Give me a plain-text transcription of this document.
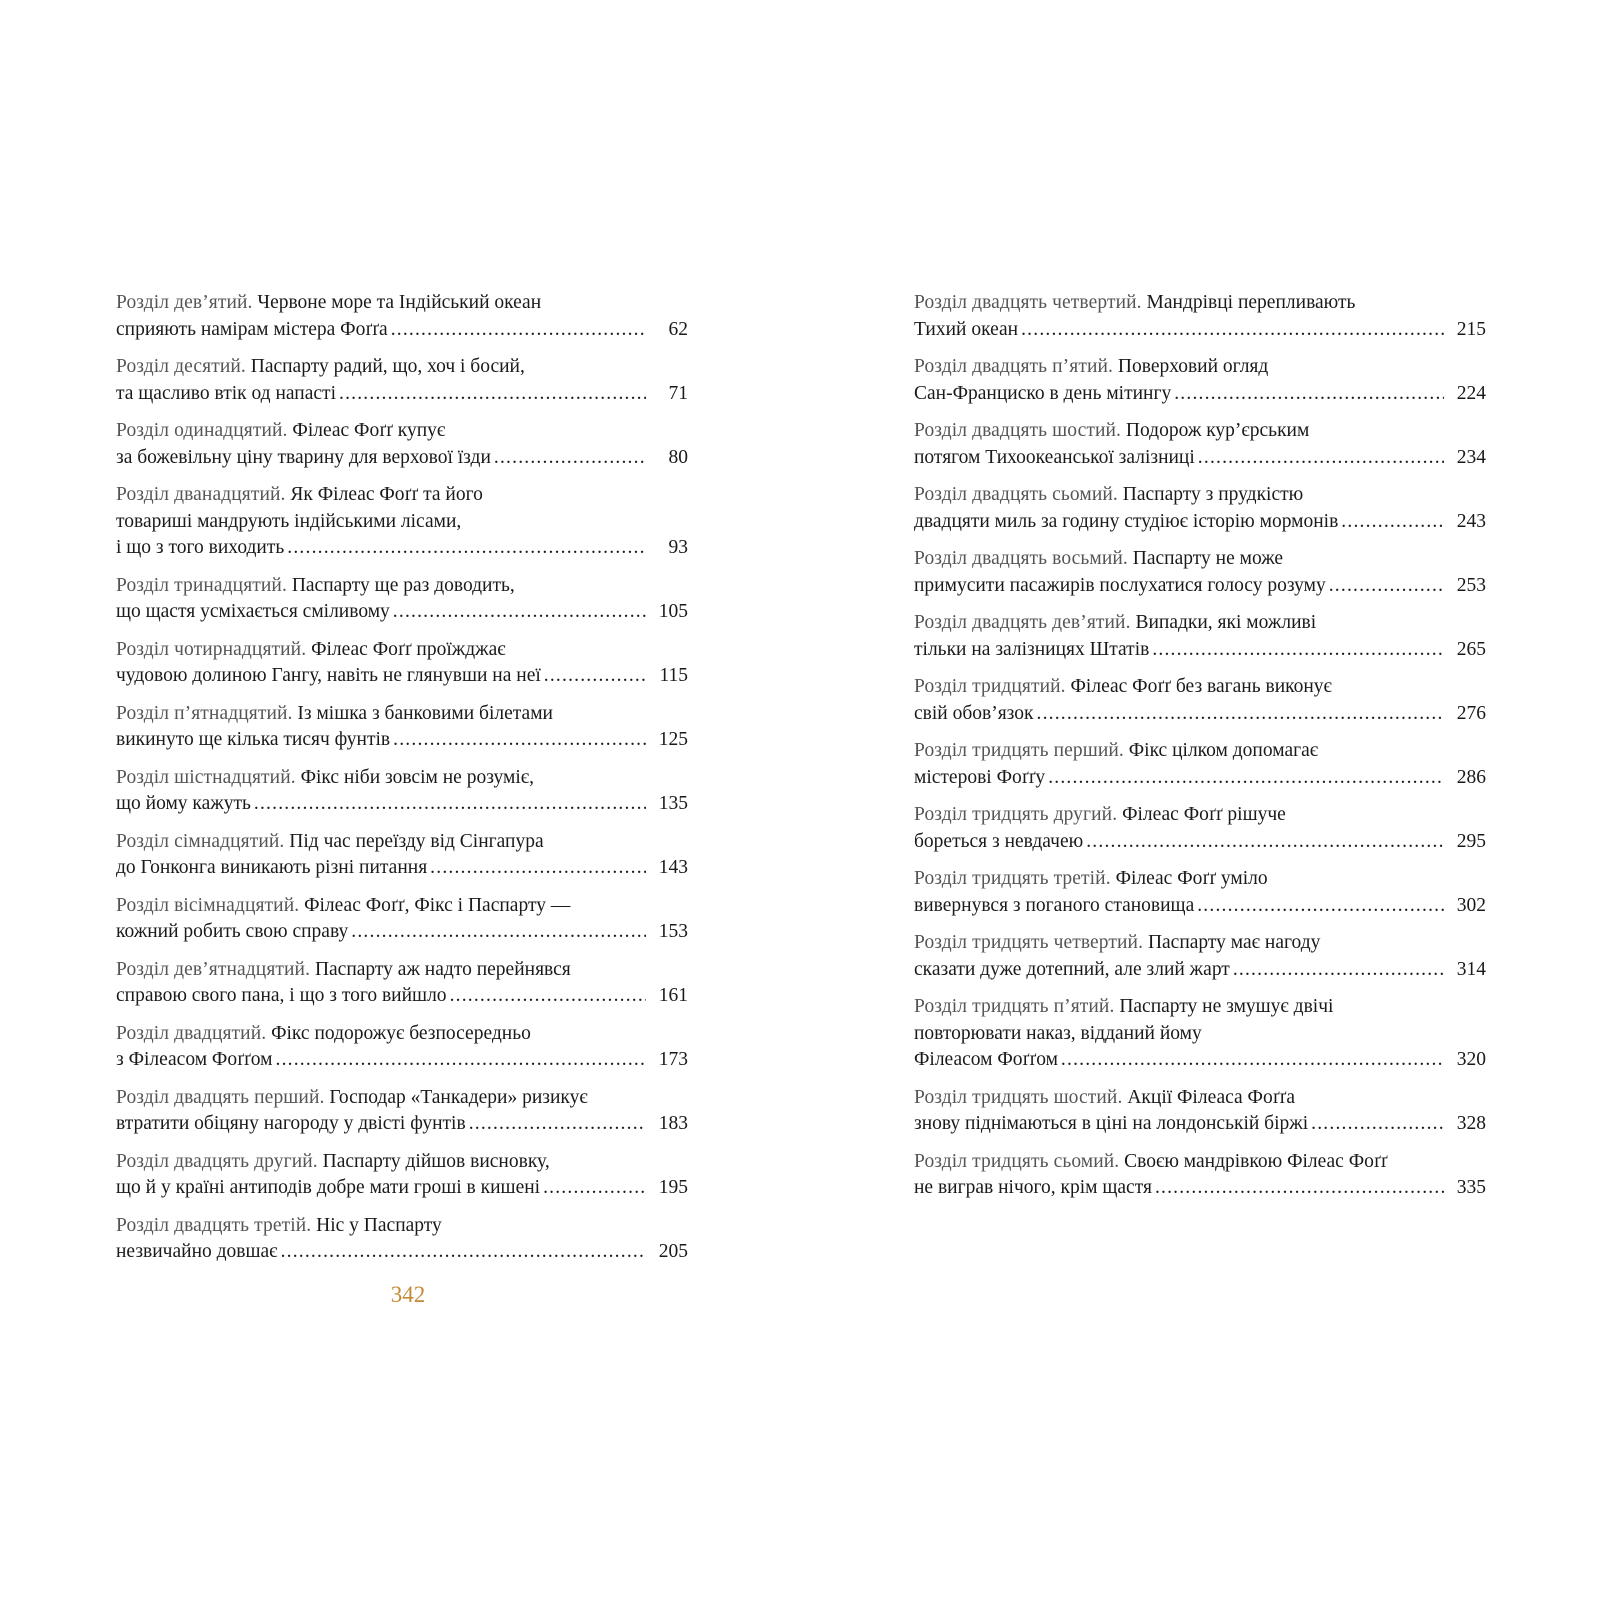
Розділ дев’ятий. Червоне море та Індійський океан
сприяють намірам містера Фоґґа .....	62
Розділ десятий. Паспарту радий, що, хоч і босий,
та щасливо втік од напасті .....	71
Розділ одинадцятий. Філеас Фоґґ купує
за божевільну ціну тварину для верхової їзди .....	80
Розділ дванадцятий. Як Філеас Фоґґ та його
товариші мандрують індійськими лісами,
і що з того виходить .....	93
Розділ тринадцятий. Паспарту ще раз доводить,
що щастя усміхається сміливому .....	105
Розділ чотирнадцятий. Філеас Фоґґ проїжджає
чудовою долиною Гангу, навіть не глянувши на неї .....	115
Розділ п’ятнадцятий. Із мішка з банковими білетами
викинуто ще кілька тисяч фунтів .....	125
Розділ шістнадцятий. Фікс ніби зовсім не розуміє,
що йому кажуть .....	135
Розділ сімнадцятий. Під час переїзду від Сінгапура
до Гонконга виникають різні питання .....	143
Розділ вісімнадцятий. Філеас Фоґґ, Фікс і Паспарту —
кожний робить свою справу .....	153
Розділ дев’ятнадцятий. Паспарту аж надто перейнявся
справою свого пана, і що з того вийшло .....	161
Розділ двадцятий. Фікс подорожує безпосередньо
з Філеасом Фоґґом .....	173
Розділ двадцять перший. Господар «Танкадери» ризикує
втратити обіцяну нагороду у двісті фунтів .....	183
Розділ двадцять другий. Паспарту дійшов висновку,
що й у країні антиподів добре мати гроші в кишені .....	195
Розділ двадцять третій. Ніс у Паспарту
незвичайно довшає .....	205
Розділ двадцять четвертий. Мандрівці перепливають
Тихий океан .....	215
Розділ двадцять п’ятий. Поверховий огляд
Сан-Франциско в день мітингу .....	224
Розділ двадцять шостий. Подорож кур’єрським
потягом Тихоокеанської залізниці .....	234
Розділ двадцять сьомий. Паспарту з прудкістю
двадцяти миль за годину студіює історію мормонів .....	243
Розділ двадцять восьмий. Паспарту не може
примусити пасажирів послухатися голосу розуму .....	253
Розділ двадцять дев’ятий. Випадки, які можливі
тільки на залізницях Штатів .....	265
Розділ тридцятий. Філеас Фоґґ без вагань виконує
свій обов’язок .....	276
Розділ тридцять перший. Фікс цілком допомагає
містерові Фоґґу .....	286
Розділ тридцять другий. Філеас Фоґґ рішуче
бореться з невдачею .....	295
Розділ тридцять третій. Філеас Фоґґ уміло
вивернувся з поганого становища .....	302
Розділ тридцять четвертий. Паспарту має нагоду
сказати дуже дотепний, але злий жарт .....	314
Розділ тридцять п’ятий. Паспарту не змушує двічі
повторювати наказ, відданий йому
Філеасом Фоґґом .....	320
Розділ тридцять шостий. Акції Філеаса Фоґґа
знову піднімаються в ціні на лондонській біржі .....	328
Розділ тридцять сьомий. Своєю мандрівкою Філеас Фоґґ
не виграв нічого, крім щастя .....	335
342
